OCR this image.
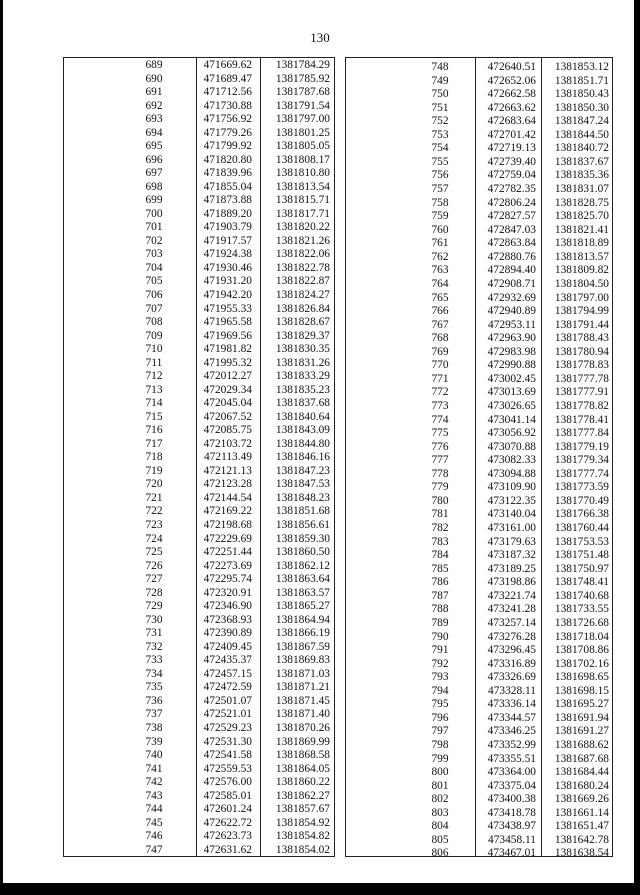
130
689	471669.62	1381784.29
690	471689.47	1381785.92
691	471712.56	1381787.68
692	471730.88	1381791.54
693	471756.92	1381797.00
694	471779.26	1381801.25
695	471799.92	1381805.05
696	471820.80	1381808.17
697	471839.96	1381810.80
698	471855.04	1381813.54
699	471873.88	1381815.71
700	471889.20	1381817.71
701	471903.79	1381820.22
702	471917.57	1381821.26
703	471924.38	1381822.06
704	471930.46	1381822.78
705	471931.20	1381822.87
706	471942.20	1381824.27
707	471955.33	1381826.84
708	471965.58	1381828.67
709	471969.56	1381829.37
710	471981.82	1381830.35
711	471995.32	1381831.26
712	472012.27	1381833.29
713	472029.34	1381835.23
714	472045.04	1381837.68
715	472067.52	1381840.64
716	472085.75	1381843.09
717	472103.72	1381844.80
718	472113.49	1381846.16
719	472121.13	1381847.23
720	472123.28	1381847.53
721	472144.54	1381848.23
722	472169.22	1381851.68
723	472198.68	1381856.61
724	472229.69	1381859.30
725	472251.44	1381860.50
726	472273.69	1381862.12
727	472295.74	1381863.64
728	472320.91	1381863.57
729	472346.90	1381865.27
730	472368.93	1381864.94
731	472390.89	1381866.19
732	472409.45	1381867.59
733	472435.37	1381869.83
734	472457.15	1381871.03
735	472472.59	1381871.21
736	472501.07	1381871.45
737	472521.01	1381871.40
738	472529.23	1381870.26
739	472531.30	1381869.99
740	472541.58	1381868.58
741	472559.53	1381864.05
742	472576.00	1381860.22
743	472585.01	1381862.27
744	472601.24	1381857.67
745	472622.72	1381854.92
746	472623.73	1381854.82
747	472631.62	1381854.02
748	472640.51	1381853.12
749	472652.06	1381851.71
750	472662.58	1381850.43
751	472663.62	1381850.30
752	472683.64	1381847.24
753	472701.42	1381844.50
754	472719.13	1381840.72
755	472739.40	1381837.67
756	472759.04	1381835.36
757	472782.35	1381831.07
758	472806.24	1381828.75
759	472827.57	1381825.70
760	472847.03	1381821.41
761	472863.84	1381818.89
762	472880.76	1381813.57
763	472894.40	1381809.82
764	472908.71	1381804.50
765	472932.69	1381797.00
766	472940.89	1381794.99
767	472953.11	1381791.44
768	472963.90	1381788.43
769	472983.98	1381780.94
770	472990.88	1381778.83
771	473002.45	1381777.78
772	473013.69	1381777.91
773	473026.65	1381778.82
774	473041.14	1381778.41
775	473056.92	1381777.84
776	473070.88	1381779.19
777	473082.33	1381779.34
778	473094.88	1381777.74
779	473109.90	1381773.59
780	473122.35	1381770.49
781	473140.04	1381766.38
782	473161.00	1381760.44
783	473179.63	1381753.53
784	473187.32	1381751.48
785	473189.25	1381750.97
786	473198.86	1381748.41
787	473221.74	1381740.68
788	473241.28	1381733.55
789	473257.14	1381726.68
790	473276.28	1381718.04
791	473296.45	1381708.86
792	473316.89	1381702.16
793	473326.69	1381698.65
794	473328.11	1381698.15
795	473336.14	1381695.27
796	473344.57	1381691.94
797	473346.25	1381691.27
798	473352.99	1381688.62
799	473355.51	1381687.68
800	473364.00	1381684.44
801	473375.04	1381680.24
802	473400.38	1381669.26
803	473418.78	1381661.14
804	473438.97	1381651.47
805	473458.11	1381642.78
806	473467.01	1381638.54
